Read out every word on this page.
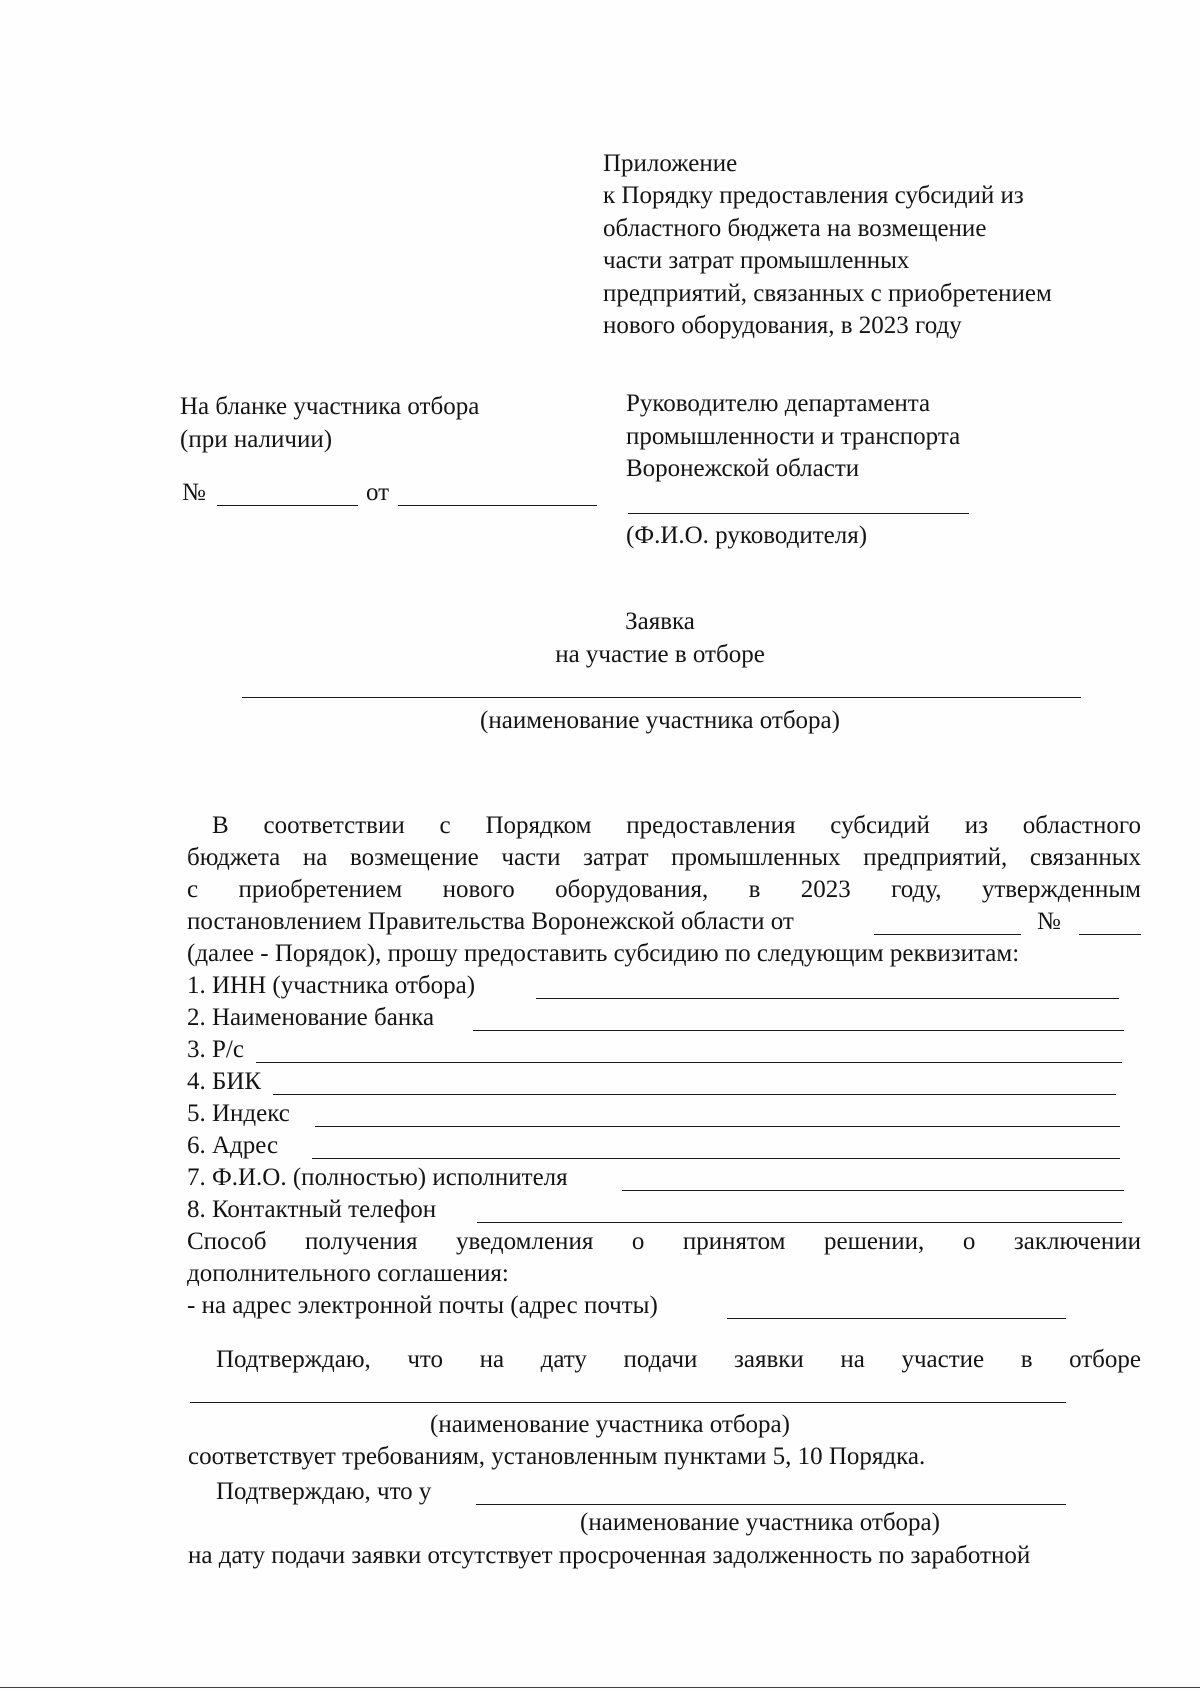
Приложение
к Порядку предоставления субсидий из
областного бюджета на возмещение
части затрат промышленных
предприятий, связанных с приобретением
нового оборудования, в 2023 году
На бланке участника отбора
(при наличии)
№	от
Руководителю департамента
промышленности и транспорта
Воронежской области
(Ф.И.О. руководителя)
Заявка
на участие в отборе
(наименование участника отбора)
В соответствии с Порядком предоставления субсидий из областного
бюджета на возмещение части затрат промышленных предприятий, связанных
с приобретением нового оборудования, в 2023 году, утвержденным
постановлением Правительства Воронежской области от	№
(далее - Порядок), прошу предоставить субсидию по следующим реквизитам:
1. ИНН (участника отбора)
2. Наименование банка
3. Р/с
4. БИК
5. Индекс
6. Адрес
7. Ф.И.О. (полностью) исполнителя
8. Контактный телефон
Способ получения уведомления о принятом решении, о заключении
дополнительного соглашения:
- на адрес электронной почты (адрес почты)
Подтверждаю, что на дату подачи заявки на участие в отборе
(наименование участника отбора)
соответствует требованиям, установленным пунктами 5, 10 Порядка.
Подтверждаю, что у
(наименование участника отбора)
на дату подачи заявки отсутствует просроченная задолженность по заработной
